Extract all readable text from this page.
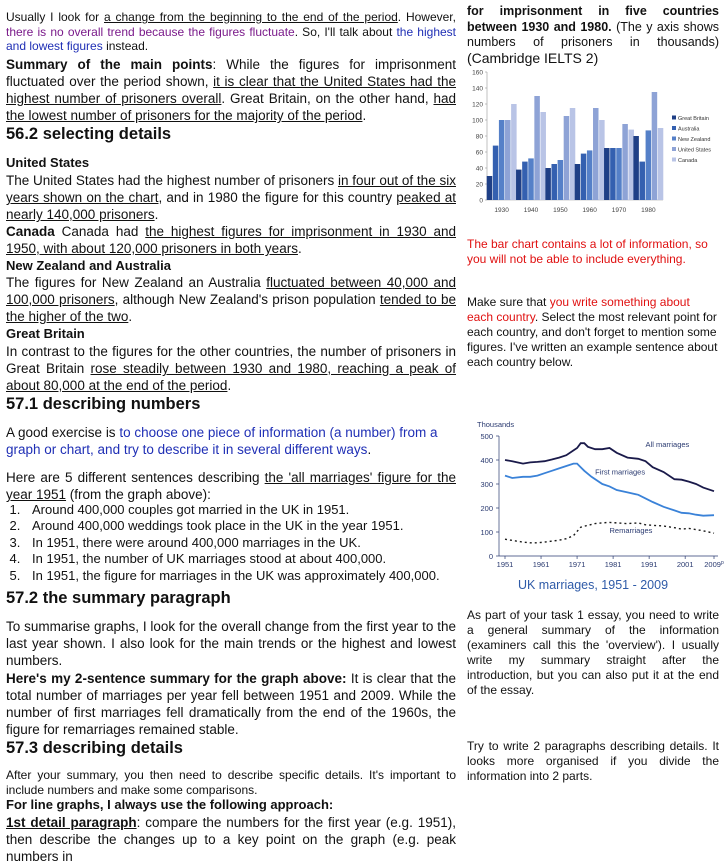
Usually I look for a change from the beginning to the end of the period. However, there is no overall trend because the figures fluctuate. So, I'll talk about the highest and lowest figures instead.

Summary of the main points: While the figures for imprisonment fluctuated over the period shown, it is clear that the United States had the highest number of prisoners overall. Great Britain, on the other hand, had the lowest number of prisoners for the majority of the period.

56.2 selecting details

United States

The United States had the highest number of prisoners in four out of the six years shown on the chart, and in 1980 the figure for this country peaked at nearly 140,000 prisoners.

Canada Canada had the highest figures for imprisonment in 1930 and 1950, with about 120,000 prisoners in both years.

New Zealand and Australia

The figures for New Zealand an Australia fluctuated between 40,000 and 100,000 prisoners, although New Zealand's prison population tended to be the higher of the two.

Great Britain

In contrast to the figures for the other countries, the number of prisoners in Great Britain rose steadily between 1930 and 1980, reaching a peak of about 80,000 at the end of the period.

57.1 describing numbers

A good exercise is to choose one piece of information (a number) from a graph or chart, and try to describe it in several different ways.

Here are 5 different sentences describing the 'all marriages' figure for the year 1951 (from the graph above):

1. Around 400,000 couples got married in the UK in 1951.
2. Around 400,000 weddings took place in the UK in the year 1951.
3. In 1951, there were around 400,000 marriages in the UK.
4. In 1951, the number of UK marriages stood at about 400,000.
5. In 1951, the figure for marriages in the UK was approximately 400,000.

57.2 the summary paragraph

To summarise graphs, I look for the overall change from the first year to the last year shown. I also look for the main trends or the highest and lowest numbers.

Here's my 2-sentence summary for the graph above: It is clear that the total number of marriages per year fell between 1951 and 2009. While the number of first marriages fell dramatically from the end of the 1960s, the figure for remarriages remained stable.

57.3 describing details

After your summary, you then need to describe specific details. It's important to include numbers and make some comparisons.

For line graphs, I always use the following approach:

1st detail paragraph: compare the numbers for the first year (e.g. 1951), then describe the changes up to a key point on the graph (e.g. peak numbers in

for imprisonment in five countries between 1930 and 1980. (The y axis shows numbers of prisoners in thousands) (Cambridge IELTS 2)

0
20
40
60
80
100
120
140
160
1930 1940 1950 1960 1970 1980
Great Britain
Australia
New Zealand
United States
Canada

The bar chart contains a lot of information, so you will not be able to include everything.

Make sure that you write something about each country. Select the most relevant point for each country, and don't forget to mention some figures. I've written an example sentence about each country below.

Thousands
0
100
200
300
400
500
1951	1961	1971	1981	1991	2001 2009$^p$
All marriages
First marriages
Remarriages

UK marriages, 1951 - 2009

As part of your task 1 essay, you need to write a general summary of the information (examiners call this the 'overview'). I usually write my summary straight after the introduction, but you can also put it at the end of the essay.

Try to write 2 paragraphs describing details. It looks more organised if you divide the information into 2 parts.
